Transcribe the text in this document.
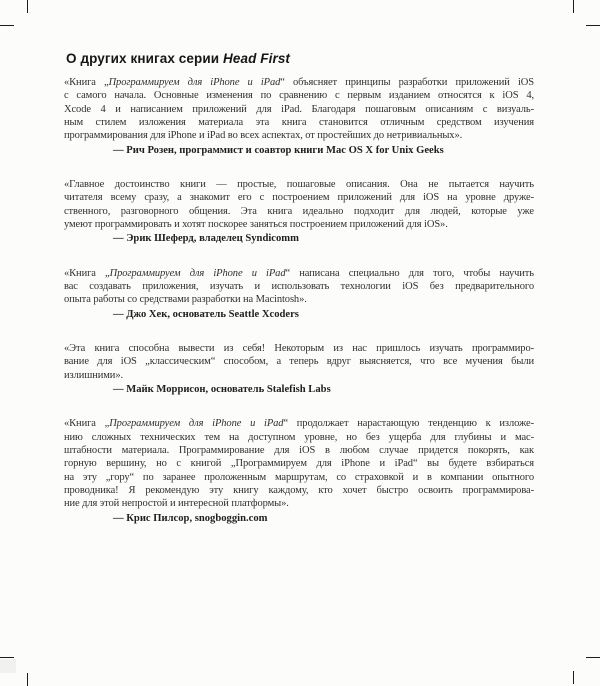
О других книгах серии Head First
«Книга „Программируем для iPhone и iPad“ объясняет принципы разработки приложений iOS
с самого начала. Основные изменения по сравнению с первым изданием относятся к iOS 4,
Xcode 4 и написанием приложений для iPad. Благодаря пошаговым описаниям с визуаль-
ным стилем изложения материала эта книга становится отличным средством изучения
программирования для iPhone и iPad во всех аспектах, от простейших до нетривиальных».
— Рич Розен, программист и соавтор книги Mac OS X for Unix Geeks
«Главное достоинство книги — простые, пошаговые описания. Она не пытается научить
читателя всему сразу, а знакомит его с построением приложений для iOS на уровне друже-
ственного, разговорного общения. Эта книга идеально подходит для людей, которые уже
умеют программировать и хотят поскорее заняться построением приложений для iOS».
— Эрик Шеферд, владелец Syndicomm
«Книга „Программируем для iPhone и iPad“ написана специально для того, чтобы научить
вас создавать приложения, изучать и использовать технологии iOS без предварительного
опыта работы со средствами разработки на Macintosh».
— Джо Хек, основатель Seattle Xcoders
«Эта книга способна вывести из себя! Некоторым из нас пришлось изучать программиро-
вание для iOS „классическим“ способом, а теперь вдруг выясняется, что все мучения были
излишними».
— Майк Моррисон, основатель Stalefish Labs
«Книга „Программируем для iPhone и iPad“ продолжает нарастающую тенденцию к изложе-
нию сложных технических тем на доступном уровне, но без ущерба для глубины и мас-
штабности материала. Программирование для iOS в любом случае придется покорять, как
горную вершину, но с книгой „Программируем для iPhone и iPad“ вы будете взбираться
на эту „гору“ по заранее проложенным маршрутам, со страховкой и в компании опытного
проводника! Я рекомендую эту книгу каждому, кто хочет быстро освоить программирова-
ние для этой непростой и интересной платформы».
— Крис Пилсор, snogboggin.com
